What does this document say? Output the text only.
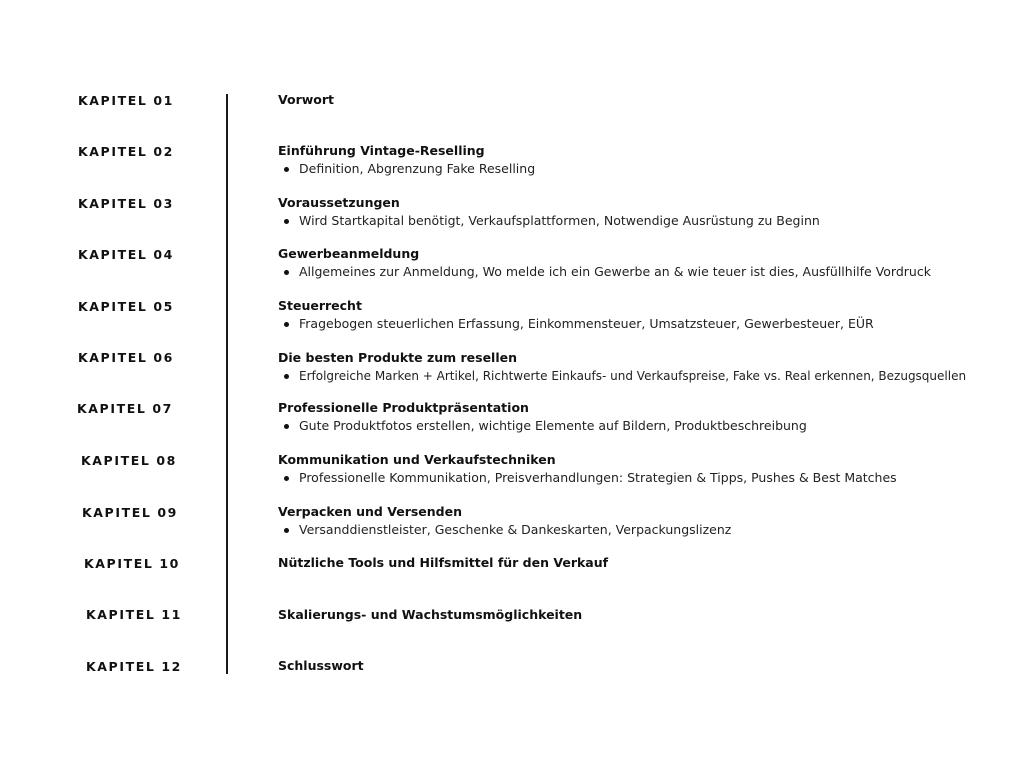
KAPITEL 01	Vorwort
KAPITEL 02	Einführung Vintage-Reselling
Definition, Abgrenzung Fake Reselling
KAPITEL 03	Voraussetzungen
Wird Startkapital benötigt, Verkaufsplattformen, Notwendige Ausrüstung zu Beginn
KAPITEL 04	Gewerbeanmeldung
Allgemeines zur Anmeldung, Wo melde ich ein Gewerbe an & wie teuer ist dies, Ausfüllhilfe Vordruck
KAPITEL 05	Steuerrecht
Fragebogen steuerlichen Erfassung, Einkommensteuer, Umsatzsteuer, Gewerbesteuer, EÜR
KAPITEL 06	Die besten Produkte zum resellen
Erfolgreiche Marken + Artikel, Richtwerte Einkaufs- und Verkaufspreise, Fake vs. Real erkennen, Bezugsquellen
KAPITEL 07	Professionelle Produktpräsentation
Gute Produktfotos erstellen, wichtige Elemente auf Bildern, Produktbeschreibung
KAPITEL 08	Kommunikation und Verkaufstechniken
Professionelle Kommunikation, Preisverhandlungen: Strategien & Tipps, Pushes & Best Matches
KAPITEL 09	Verpacken und Versenden
Versanddienstleister, Geschenke & Dankeskarten, Verpackungslizenz
KAPITEL 10	Nützliche Tools und Hilfsmittel für den Verkauf
KAPITEL 11	Skalierungs- und Wachstumsmöglichkeiten
KAPITEL 12	Schlusswort
